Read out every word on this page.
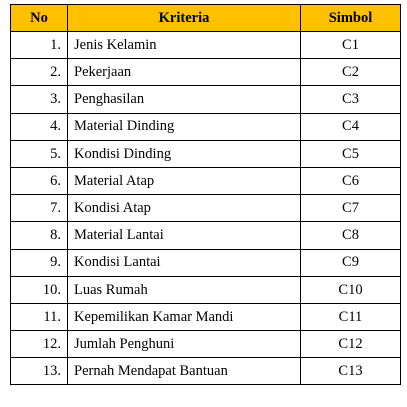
No	Kriteria	Simbol
1.	Jenis Kelamin	C1
2.	Pekerjaan	C2
3.	Penghasilan	C3
4.	Material Dinding	C4
5.	Kondisi Dinding	C5
6.	Material Atap	C6
7.	Kondisi Atap	C7
8.	Material Lantai	C8
9.	Kondisi Lantai	C9
10.	Luas Rumah	C10
11.	Kepemilikan Kamar Mandi	C11
12.	Jumlah Penghuni	C12
13.	Pernah Mendapat Bantuan	C13
